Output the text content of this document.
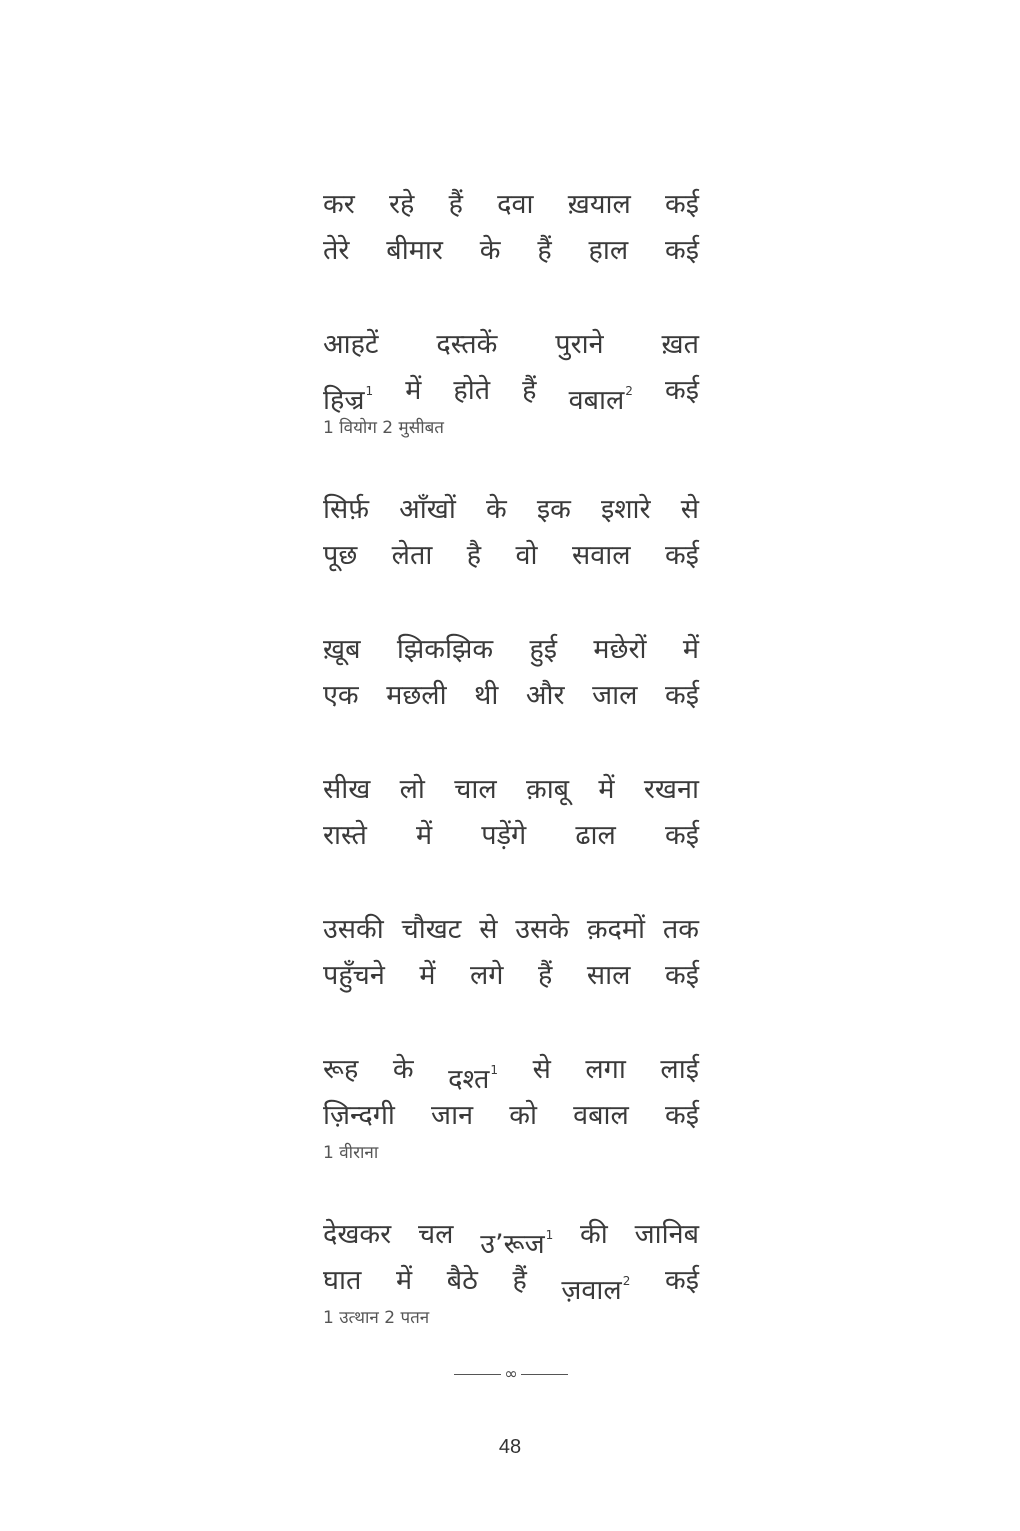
कर रहे हैं दवा ख़याल कई
तेरे बीमार के हैं हाल कई
आहटें दस्तकें पुराने ख़त
हिज्र$^1$ में होते हैं वबाल$^2$ कई
1 वियोग 2 मुसीबत
सिर्फ़ आँखों के इक इशारे से
पूछ लेता है वो सवाल कई
ख़ूब झिकझिक हुई मछेरों में
एक मछली थी और जाल कई
सीख लो चाल क़ाबू में रखना
रास्ते में पड़ेंगे ढाल कई
उसकी चौखट से उसके क़दमों तक
पहुँचने में लगे हैं साल कई
रूह के दश्त$^1$ से लगा लाई
ज़िन्दगी जान को वबाल कई
1 वीराना
देखकर चल उ’रूज$^1$ की जानिब
घात में बैठे हैं ज़वाल$^2$ कई
1 उत्थान 2 पतन
∞
48
